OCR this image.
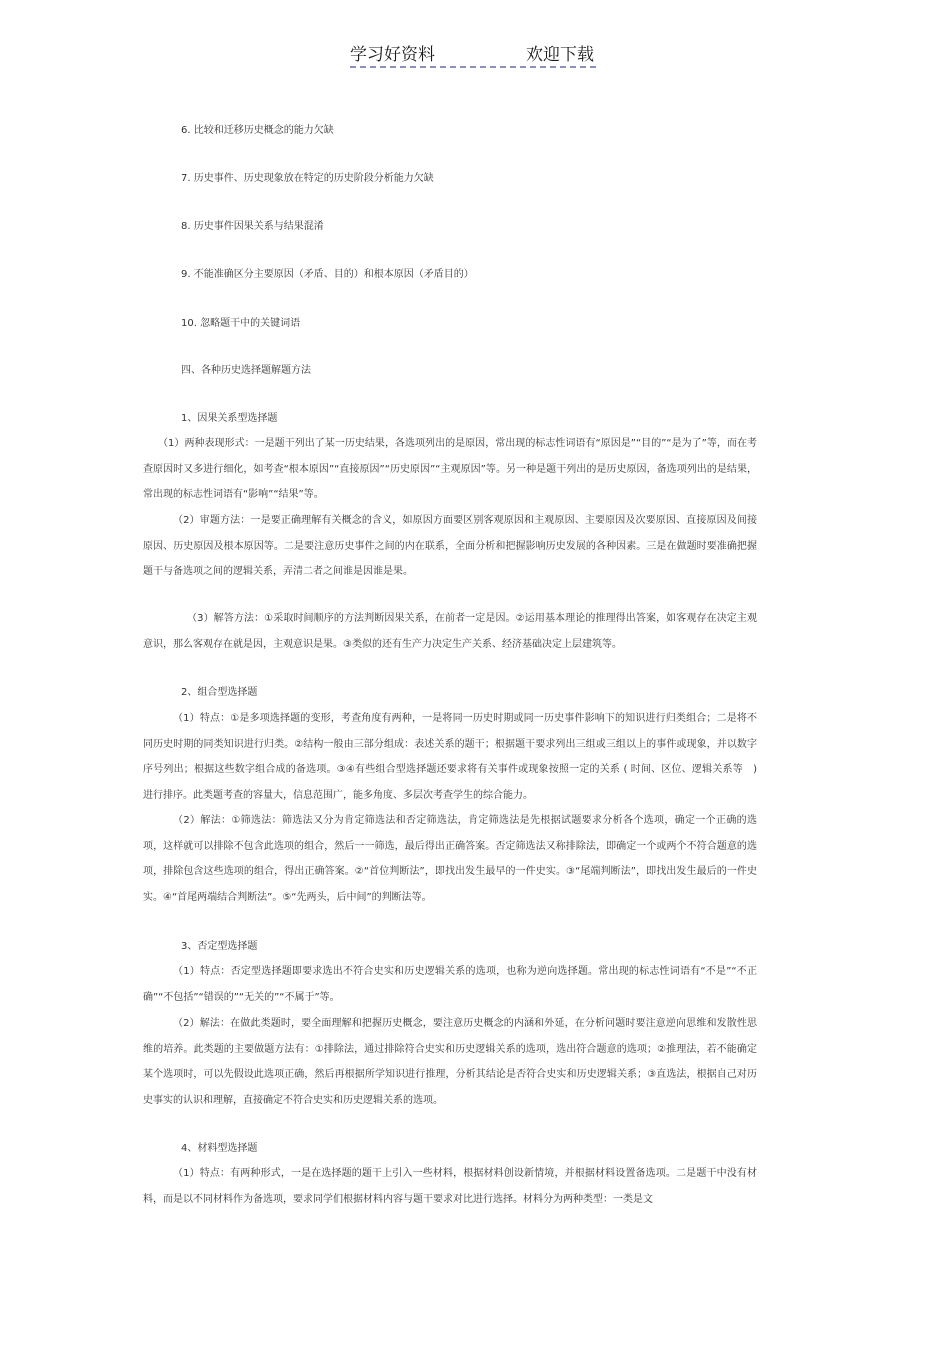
学习好资料	欢迎下载
6. 比较和迁移历史概念的能力欠缺
7. 历史事件、历史现象放在特定的历史阶段分析能力欠缺
8. 历史事件因果关系与结果混淆
9. 不能准确区分主要原因（矛盾、目的）和根本原因（矛盾目的）
10. 忽略题干中的关键词语
四、各种历史选择题解题方法
1、因果关系型选择题
（1）两种表现形式：一是题干列出了某一历史结果，各选项列出的是原因，常出现的标志性词语有“原因是”“目的”“是为了”等，而在考查原因时又多进行细化，如考查“根本原因”“直接原因”“历史原因”“主观原因”等。另一种是题干列出的是历史原因，备选项列出的是结果，常出现的标志性词语有“影响”“结果”等。
（2）审题方法：一是要正确理解有关概念的含义，如原因方面要区别客观原因和主观原因、主要原因及次要原因、直接原因及间接原因、历史原因及根本原因等。二是要注意历史事件之间的内在联系，全面分析和把握影响历史发展的各种因素。三是在做题时要准确把握题干与备选项之间的逻辑关系，弄清二者之间谁是因谁是果。
（3）解答方法：①采取时间顺序的方法判断因果关系，在前者一定是因。②运用基本理论的推理得出答案，如客观存在决定主观意识，那么客观存在就是因，主观意识是果。③类似的还有生产力决定生产关系、经济基础决定上层建筑等。
2、组合型选择题
（1）特点：①是多项选择题的变形，考查角度有两种，一是将同一历史时期或同一历史事件影响下的知识进行归类组合；二是将不同历史时期的同类知识进行归类。②结构一般由三部分组成：表述关系的题干；根据题干要求列出三组或三组以上的事件或现象，并以数字序号列出；根据这些数字组合成的备选项。③④有些组合型选择题还要求将有关事件或现象按照一定的关系 ( 时间、区位、逻辑关系等　) 进行排序。此类题考查的容量大，信息范围广，能多角度、多层次考查学生的综合能力。
（2）解法：①筛选法：筛选法又分为肯定筛选法和否定筛选法，肯定筛选法是先根据试题要求分析各个选项，确定一个正确的选项，这样就可以排除不包含此选项的组合，然后一一筛选，最后得出正确答案。否定筛选法又称排除法，即确定一个或两个不符合题意的选项，排除包含这些选项的组合，得出正确答案。②“首位判断法”，即找出发生最早的一件史实。③“尾端判断法”，即找出发生最后的一件史实。④“首尾两端结合判断法”。⑤“先两头，后中间”的判断法等。
3、否定型选择题
（1）特点：否定型选择题即要求选出不符合史实和历史逻辑关系的选项，也称为逆向选择题。常出现的标志性词语有“不是”“不正确”“不包括”“错误的”“无关的”“不属于”等。
（2）解法：在做此类题时，要全面理解和把握历史概念，要注意历史概念的内涵和外延，在分析问题时要注意逆向思维和发散性思维的培养。此类题的主要做题方法有：①排除法，通过排除符合史实和历史逻辑关系的选项，选出符合题意的选项；②推理法，若不能确定某个选项时，可以先假设此选项正确，然后再根据所学知识进行推理，分析其结论是否符合史实和历史逻辑关系；③直选法，根据自己对历史事实的认识和理解，直接确定不符合史实和历史逻辑关系的选项。
4、材料型选择题
（1）特点：有两种形式，一是在选择题的题干上引入一些材料，根据材料创设新情境，并根据材料设置备选项。二是题干中没有材料，而是以不同材料作为备选项，要求同学们根据材料内容与题干要求对比进行选择。材料分为两种类型：一类是文
